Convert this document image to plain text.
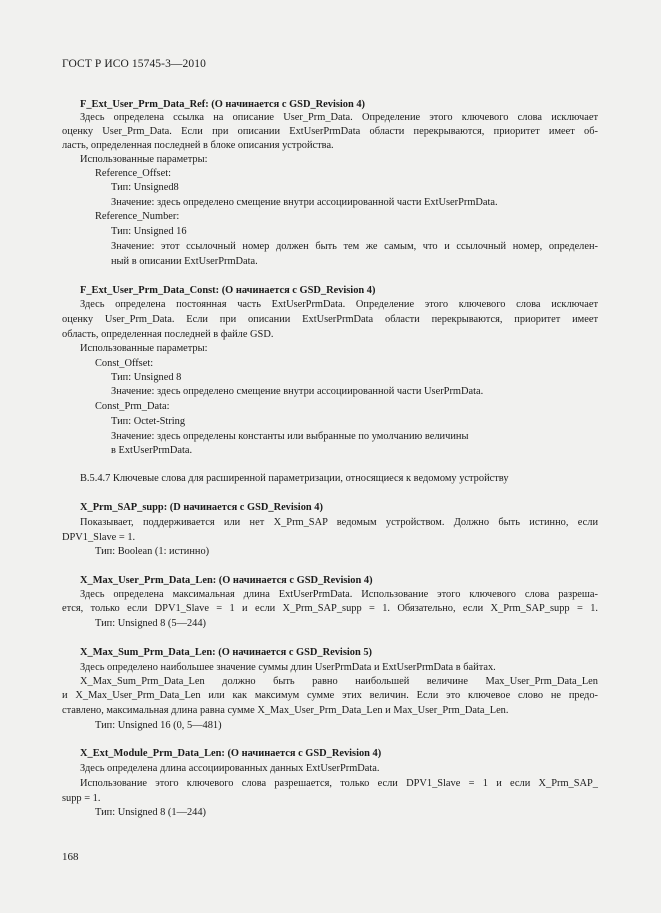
ГОСТ Р ИСО 15745-3—2010
F_Ext_User_Prm_Data_Ref: (О начинается с GSD_Revision 4)
Здесь определена ссылка на описание User_Prm_Data. Определение этого ключевого слова исключает
оценку User_Prm_Data. Если при описании ExtUserPrmData области перекрываются, приоритет имеет об-
ласть, определенная последней в блоке описания устройства.
Использованные параметры:
Reference_Offset:
Тип: Unsigned8
Значение: здесь определено смещение внутри ассоциированной части ExtUserPrmData.
Reference_Number:
Тип: Unsigned 16
Значение: этот ссылочный номер должен быть тем же самым, что и ссылочный номер, определен-
ный в описании ExtUserPrmData.
F_Ext_User_Prm_Data_Const: (О начинается с GSD_Revision 4)
Здесь определена постоянная часть ExtUserPrmData. Определение этого ключевого слова исключает
оценку User_Prm_Data. Если при описании ExtUserPrmData области перекрываются, приоритет имеет
область, определенная последней в файле GSD.
Использованные параметры:
Const_Offset:
Тип: Unsigned 8
Значение: здесь определено смещение внутри ассоциированной части UserPrmData.
Const_Prm_Data:
Тип: Octet-String
Значение: здесь определены константы или выбранные по умолчанию величины
в ExtUserPrmData.
B.5.4.7 Ключевые слова для расширенной параметризации, относящиеся к ведомому устройству
X_Prm_SAP_supp: (D начинается с GSD_Revision 4)
Показывает, поддерживается или нет X_Prm_SAP ведомым устройством. Должно быть истинно, если
DPV1_Slave = 1.
Тип: Boolean (1: истинно)
X_Max_User_Prm_Data_Len: (О начинается с GSD_Revision 4)
Здесь определена максимальная длина ExtUserPrmData. Использование этого ключевого слова разреша-
ется, только если DPV1_Slave = 1 и если X_Prm_SAP_supp = 1. Обязательно, если X_Prm_SAP_supp = 1.
Тип: Unsigned 8 (5—244)
X_Max_Sum_Prm_Data_Len: (О начинается с GSD_Revision 5)
Здесь определено наибольшее значение суммы длин UserPrmData и ExtUserPrmData в байтах.
X_Max_Sum_Prm_Data_Len должно быть равно наибольшей величине Max_User_Prm_Data_Len
и X_Max_User_Prm_Data_Len или как максимум сумме этих величин. Если это ключевое слово не предо-
ставлено, максимальная длина равна сумме X_Max_User_Prm_Data_Len и Max_User_Prm_Data_Len.
Тип: Unsigned 16 (0, 5—481)
X_Ext_Module_Prm_Data_Len: (О начинается с GSD_Revision 4)
Здесь определена длина ассоциированных данных ExtUserPrmData.
Использование этого ключевого слова разрешается, только если DPV1_Slave = 1 и если X_Prm_SAP_
supp = 1.
Тип: Unsigned 8 (1—244)
168
